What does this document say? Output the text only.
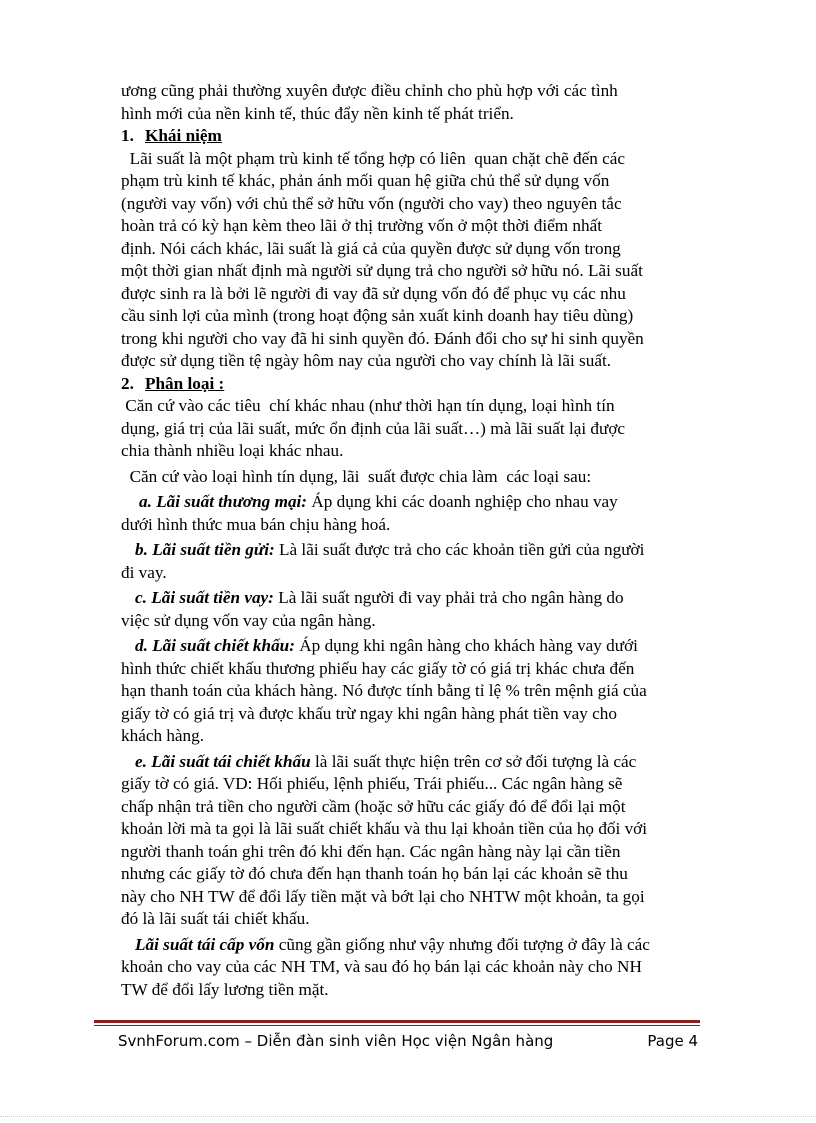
ương cũng phải thường xuyên được điều chỉnh cho phù hợp với các tình

hình mới của nền kinh tế, thúc đẩy nền kinh tế phát triển.

1. Khái niệm

Lãi suất là một phạm trù kinh tế tổng hợp có liên  quan chặt chẽ đến các

phạm trù kinh tế khác, phản ánh mối quan hệ giữa chủ thể sử dụng vốn

(người vay vốn) với chủ thể sở hữu vốn (người cho vay) theo nguyên tắc

hoàn trả có kỳ hạn kèm theo lãi ở thị trường vốn ở một thời điểm nhất

định. Nói cách khác, lãi suất là giá cả của quyền được sử dụng vốn trong

một thời gian nhất định mà người sử dụng trả cho người sở hữu nó. Lãi suất

được sinh ra là bởi lẽ người đi vay đã sử dụng vốn đó để phục vụ các nhu

cầu sinh lợi của mình (trong hoạt động sản xuất kinh doanh hay tiêu dùng)

trong khi người cho vay đã hi sinh quyền đó. Đánh đổi cho sự hi sinh quyền

được sử dụng tiền tệ ngày hôm nay của người cho vay chính là lãi suất.

2. Phân loại :

Căn cứ vào các tiêu  chí khác nhau (như thời hạn tín dụng, loại hình tín

dụng, giá trị của lãi suất, mức ổn định của lãi suất…) mà lãi suất lại được

chia thành nhiều loại khác nhau.

Căn cứ vào loại hình tín dụng, lãi  suất được chia làm  các loại sau:

a. Lãi suất thương mại: Áp dụng khi các doanh nghiệp cho nhau vay

dưới hình thức mua bán chịu hàng hoá.

b. Lãi suất tiền gửi: Là lãi suất được trả cho các khoản tiền gửi của người

đi vay.

c. Lãi suất tiền vay: Là lãi suất người đi vay phải trả cho ngân hàng do

việc sử dụng vốn vay của ngân hàng.

d. Lãi suất chiết khấu: Áp dụng khi ngân hàng cho khách hàng vay dưới

hình thức chiết khấu thương phiếu hay các giấy tờ có giá trị khác chưa đến

hạn thanh toán của khách hàng. Nó được tính bằng tỉ lệ % trên mệnh giá của

giấy tờ có giá trị và được khấu trừ ngay khi ngân hàng phát tiền vay cho

khách hàng.

e. Lãi suất tái chiết khấu là lãi suất thực hiện trên cơ sở đối tượng là các

giấy tờ có giá. VD: Hối phiếu, lệnh phiếu, Trái phiếu... Các ngân hàng sẽ

chấp nhận trả tiền cho người cầm (hoặc sở hữu các giấy đó để đổi lại một

khoản lời mà ta gọi là lãi suất chiết khấu và thu lại khoản tiền của họ đối với

người thanh toán ghi trên đó khi đến hạn. Các ngân hàng này lại cần tiền

nhưng các giấy tờ đó chưa đến hạn thanh toán họ bán lại các khoản sẽ thu

này cho NH TW để đổi lấy tiền mặt và bớt lại cho NHTW một khoản, ta gọi

đó là lãi suất tái chiết khấu.

Lãi suất tái cấp vốn cũng gần giống như vậy nhưng đối tượng ở đây là các

khoản cho vay của các NH TM, và sau đó họ bán lại các khoản này cho NH

TW để đổi lấy lương tiền mặt.

SvnhForum.com – Diễn đàn sinh viên Học viện Ngân hàng	Page 4
